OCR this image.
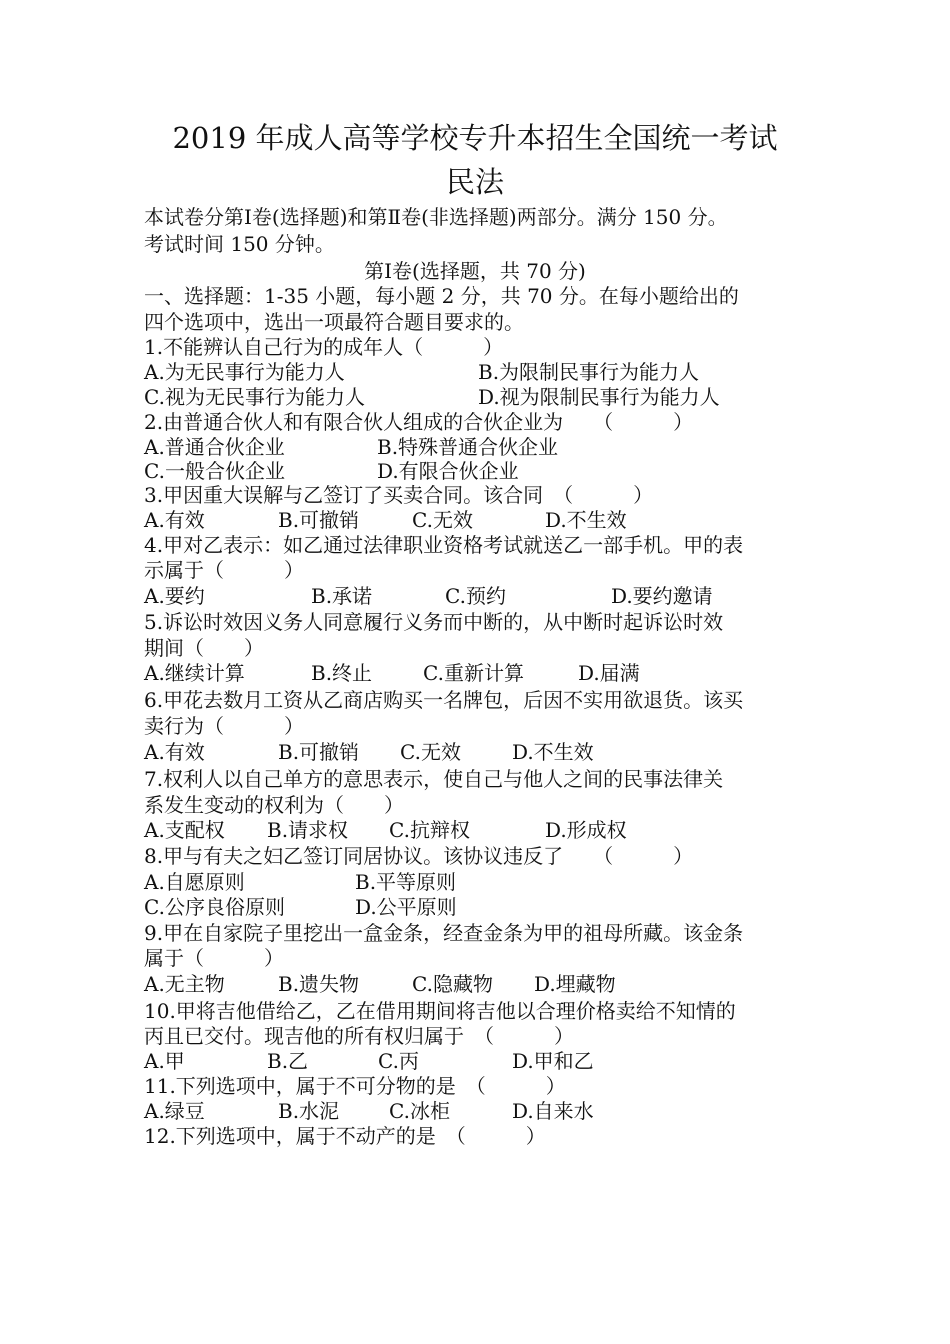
2019 年成人高等学校专升本招生全国统一考试
民法
本试卷分第Ⅰ卷(选择题)和第Ⅱ卷(非选择题)两部分。满分 150 分。
考试时间 150 分钟。
第Ⅰ卷(选择题，共 70 分)
一、选择题：1-35 小题，每小题 2 分，共 70 分。在每小题给出的
四个选项中，选出一项最符合题目要求的。
1.不能辨认自己行为的成年人（　　　）
A.为无民事行为能力人	B.为限制民事行为能力人
C.视为无民事行为能力人	D.视为限制民事行为能力人
2.由普通合伙人和有限合伙人组成的合伙企业为　　（　　　）
A.普通合伙企业	B.特殊普通合伙企业
C.一般合伙企业	D.有限合伙企业
3.甲因重大误解与乙签订了买卖合同。该合同　（　　　）
A.有效	B.可撤销	C.无效	D.不生效
4.甲对乙表示：如乙通过法律职业资格考试就送乙一部手机。甲的表
示属于（　　　）
A.要约	B.承诺	C.预约	D.要约邀请
5.诉讼时效因义务人同意履行义务而中断的，从中断时起诉讼时效
期间（　　）
A.继续计算	B.终止	C.重新计算	D.届满
6.甲花去数月工资从乙商店购买一名牌包，后因不实用欲退货。该买
卖行为（　　　）
A.有效	B.可撤销 C.无效	D.不生效
7.权利人以自己单方的意思表示，使自己与他人之间的民事法律关
系发生变动的权利为（　　）
A.支配权 B.请求权 C.抗辩权	D.形成权
8.甲与有夫之妇乙签订同居协议。该协议违反了　　（　　　）
A.自愿原则	B.平等原则
C.公序良俗原则	D.公平原则
9.甲在自家院子里挖出一盒金条，经查金条为甲的祖母所藏。该金条
属于（　　　）
A.无主物	B.遗失物	C.隐藏物 D.埋藏物
10.甲将吉他借给乙，乙在借用期间将吉他以合理价格卖给不知情的
丙且已交付。现吉他的所有权归属于　（　　　）
A.甲	B.乙	C.丙	D.甲和乙
11.下列选项中，属于不可分物的是　（　　　）
A.绿豆	B.水泥 C.冰柜	D.自来水
12.下列选项中，属于不动产的是　（　　　）
